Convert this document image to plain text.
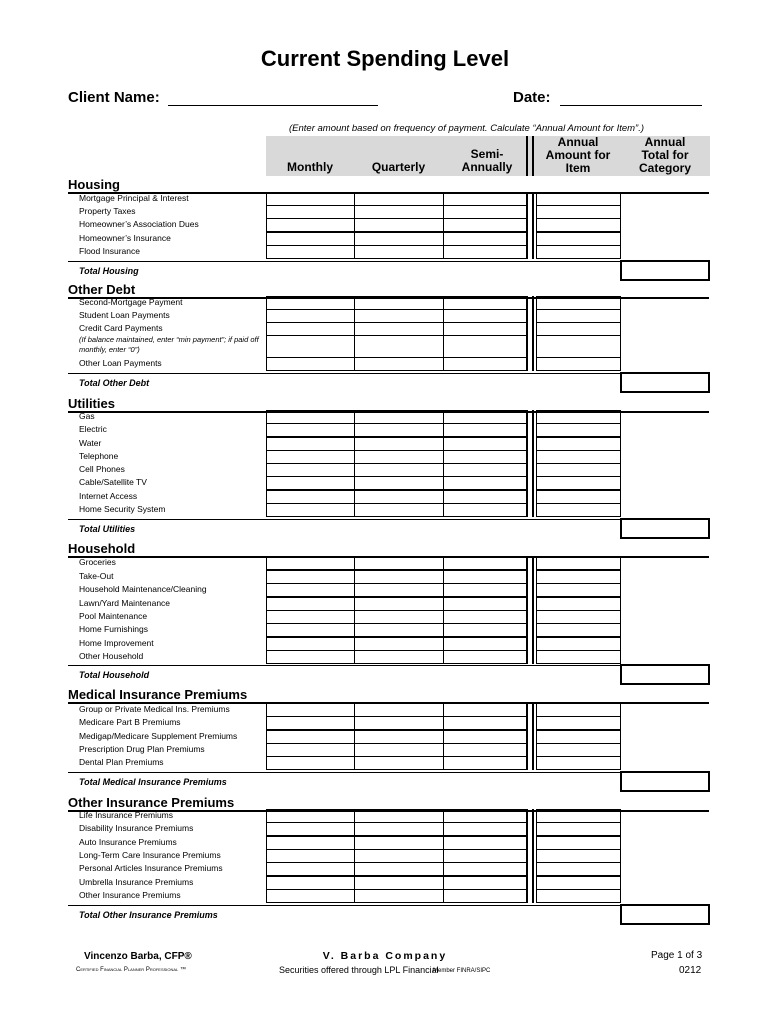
Current Spending Level
Client Name:	Date:
(Enter amount based on frequency of payment. Calculate “Annual Amount for Item”.)
Monthly	Quarterly
Semi-
Annually
Annual
Amount for
Item
Annual
Total for
Category
Housing
Mortgage Principal & Interest
Property Taxes
Homeowner’s Association Dues
Homeowner’s Insurance
Flood Insurance
Total Housing
Other Debt
Second-Mortgage Payment
Student Loan Payments
Credit Card Payments
(If balance maintained, enter “min payment”; if paid off monthly, enter “0”)
Other Loan Payments
Total Other Debt
Utilities
Gas
Electric
Water
Telephone
Cell Phones
Cable/Satellite TV
Internet Access
Home Security System
Total Utilities
Household
Groceries
Take-Out
Household Maintenance/Cleaning
Lawn/Yard Maintenance
Pool Maintenance
Home Furnishings
Home Improvement
Other Household
Total Household
Medical Insurance Premiums
Group or Private Medical Ins. Premiums
Medicare Part B Premiums
Medigap/Medicare Supplement Premiums
Prescription Drug Plan Premiums
Dental Plan Premiums
Total Medical Insurance Premiums
Other Insurance Premiums
Life Insurance Premiums
Disability Insurance Premiums
Auto Insurance Premiums
Long-Term Care Insurance Premiums
Personal Articles Insurance Premiums
Umbrella Insurance Premiums
Other Insurance Premiums
Total Other Insurance Premiums
Vincenzo Barba, CFP®
Certified Financial Planner Professional ™
V. Barba Company
Securities offered through LPL Financial
Member FINRA/SIPC
Page 1 of 3
0212
